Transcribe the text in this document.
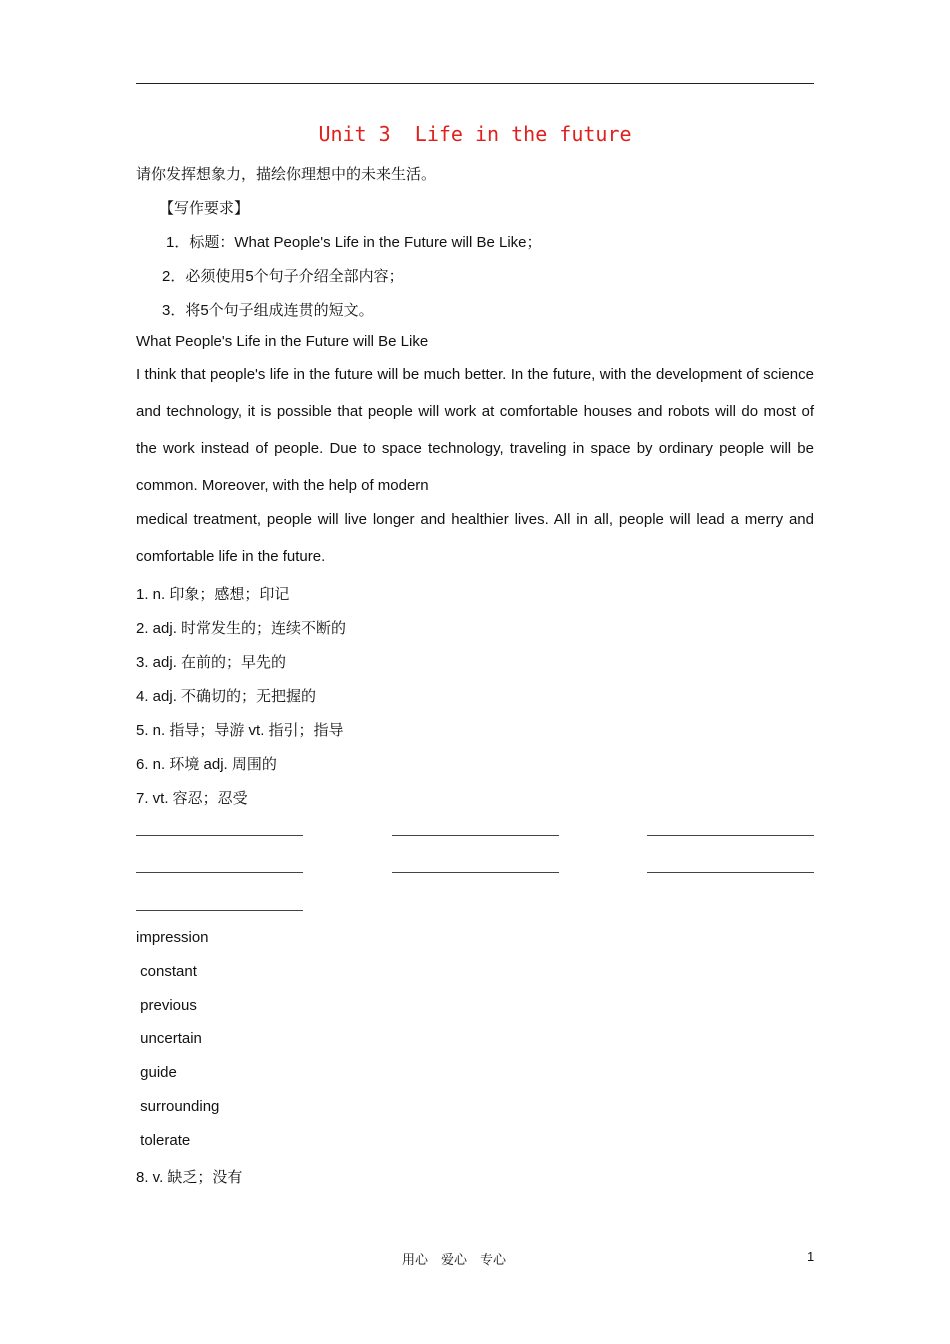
Unit 3  Life in the future
请你发挥想象力，描绘你理想中的未来生活。
【写作要求】
1．标题：What People's Life in the Future will Be Like；
2．必须使用5个句子介绍全部内容；
3．将5个句子组成连贯的短文。
What People's Life in the Future will Be Like

I think that people's life in the future will be much better. In the future, with the development of science and technology, it is possible that people will work at comfortable houses and robots will do most of the work instead of people. Due to space technology, traveling in space by ordinary people will be common. Moreover, with the help of modern

medical treatment, people will live longer and healthier lives. All in all, people will lead a merry and comfortable life in the future.

1. n. 印象；感想；印记
2. adj. 时常发生的；连续不断的
3. adj. 在前的；早先的
4. adj. 不确切的；无把握的
5. n. 指导；导游 vt. 指引；指导
6. n. 环境 adj. 周围的
7. vt. 容忍；忍受
impression
constant
previous
uncertain
guide
surrounding
tolerate
8. v. 缺乏；没有
用心　爱心　专心	1
